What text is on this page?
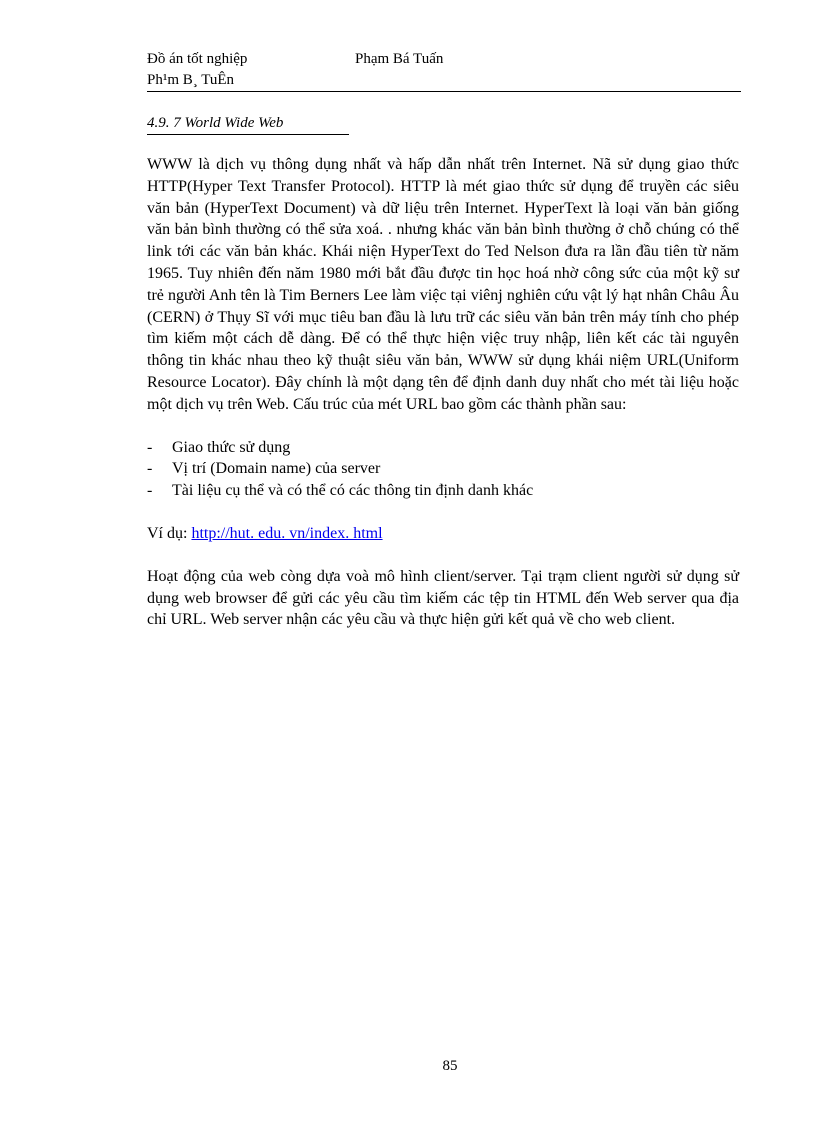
Đồ án tốt nghiệp
Ph¹m B¸ TuÊn
Phạm Bá Tuấn
4.9. 7 World Wide Web

WWW là dịch vụ thông dụng nhất và hấp dẫn nhất trên Internet. Nã sử dụng giao thức HTTP(Hyper Text Transfer Protocol). HTTP là mét giao thức sử dụng để truyền các siêu văn bản (HyperText Document) và dữ liệu trên Internet. HyperText là loại văn bản giống văn bản bình thường có thể sửa xoá. . nhưng khác văn bản bình thường ở chỗ chúng có thể link tới các văn bản khác. Khái niện HyperText do Ted Nelson đưa ra lần đầu tiên từ năm 1965. Tuy nhiên đến năm 1980 mới bắt đầu được tin học hoá nhờ công sức của một kỹ sư trẻ người Anh tên là Tim Berners Lee làm việc tại viênj nghiên cứu vật lý hạt nhân Châu Âu (CERN) ở Thụy Sĩ với mục tiêu ban đầu là lưu trữ các siêu văn bản trên máy tính cho phép tìm kiếm một cách dễ dàng. Để có thể thực hiện việc truy nhập, liên kết các tài nguyên thông tin khác nhau theo kỹ thuật siêu văn bản, WWW sử dụng khái niệm URL(Uniform Resource Locator). Đây chính là một dạng tên để định danh duy nhất cho mét tài liệu hoặc một dịch vụ trên Web. Cấu trúc của mét URL bao gồm các thành phần sau:

- Giao thức sử dụng
- Vị trí (Domain name) của server
- Tài liệu cụ thể và có thể có các thông tin định danh khác

Ví dụ: http://hut. edu. vn/index. html

Hoạt động của web còng dựa voà mô hình client/server. Tại trạm client người sử dụng sử dụng web browser để gửi các yêu cầu tìm kiếm các tệp tin HTML đến Web server qua địa chỉ URL. Web server nhận các yêu cầu và thực hiện gửi kết quả về cho web client.

85
